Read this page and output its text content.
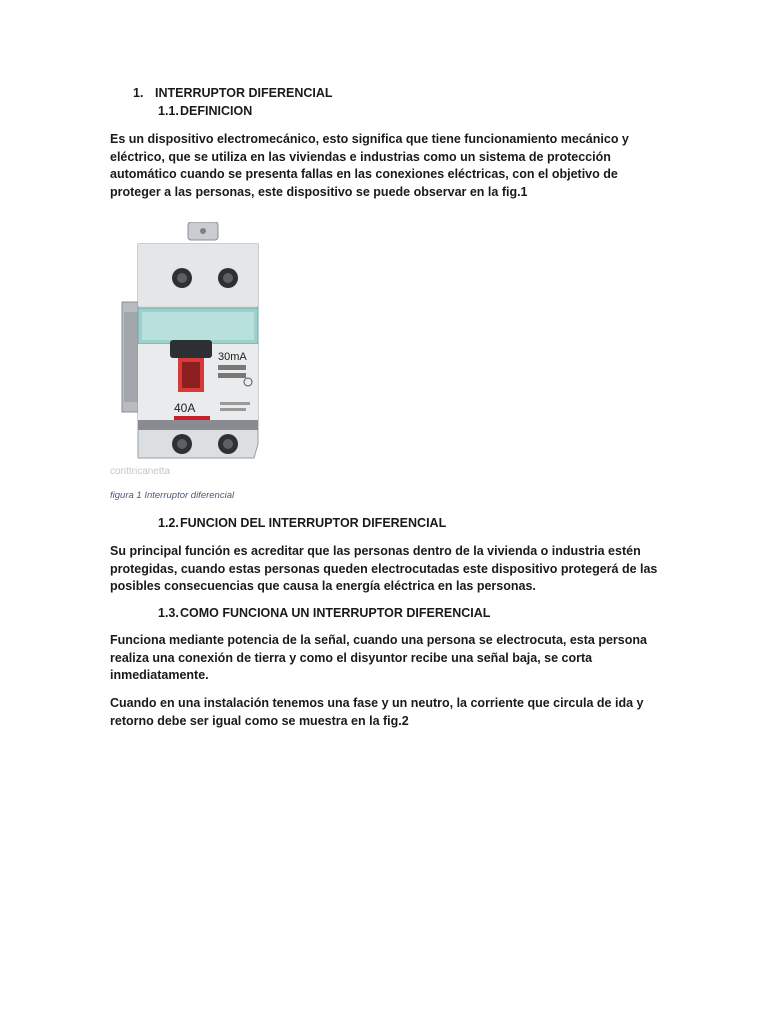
1. INTERRUPTOR DIFERENCIAL
1.1.DEFINICION
Es un dispositivo electromecánico, esto significa que tiene funcionamiento mecánico y eléctrico, que se utiliza en las viviendas e industrias como un sistema de protección automático cuando se presenta fallas en las conexiones eléctricas, con el objetivo de proteger a las personas, este dispositivo se puede observar en la fig.1
40A
30mA
conttricanetta
figura 1 Interruptor diferencial
1.2.FUNCION DEL INTERRUPTOR DIFERENCIAL
Su principal función es acreditar que las personas dentro de la vivienda o industria estén protegidas, cuando estas personas queden electrocutadas este dispositivo protegerá de las posibles consecuencias que causa la energía eléctrica en las personas.
1.3.COMO FUNCIONA UN INTERRUPTOR DIFERENCIAL
Funciona mediante potencia de la señal, cuando una persona se electrocuta, esta persona realiza una conexión de tierra y como el disyuntor recibe una señal baja, se corta inmediatamente.
Cuando en una instalación tenemos una fase y un neutro, la corriente que circula de ida y retorno debe ser igual como se muestra en la fig.2
